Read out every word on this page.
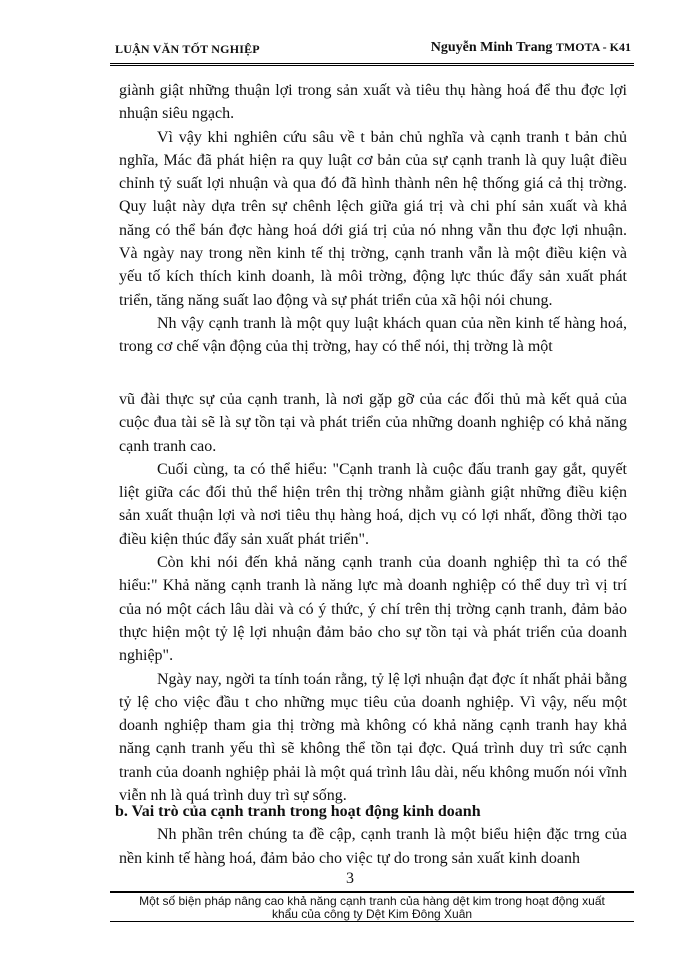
LUẬN VĂN TỐT NGHIỆP	Nguyễn Minh Trang TMOTA - K41

giành giật những thuận lợi trong sản xuất và tiêu thụ hàng hoá để thu đợc lợi nhuận siêu ngạch.

Vì vậy khi nghiên cứu sâu về t bản chủ nghĩa và cạnh tranh t bản chủ nghĩa, Mác đã phát hiện ra quy luật cơ bản của sự cạnh tranh là quy luật điều chỉnh tỷ suất lợi nhuận và qua đó đã hình thành nên hệ thống giá cả thị trờng. Quy luật này dựa trên sự chênh lệch giữa giá trị và chi phí sản xuất và khả năng có thể bán đợc hàng hoá dới giá trị của nó nhng vẫn thu đợc lợi nhuận. Và ngày nay trong nền kinh tế thị trờng, cạnh tranh vẫn là một điều kiện và yếu tố kích thích kinh doanh, là môi trờng, động lực thúc đẩy sản xuất phát triển, tăng năng suất lao động và sự phát triển của xã hội nói chung.

Nh vậy cạnh tranh là một quy luật khách quan của nền kinh tế hàng hoá, trong cơ chế vận động của thị trờng, hay có thể nói, thị trờng là một

vũ đài thực sự của cạnh tranh, là nơi gặp gỡ của các đối thủ mà kết quả của cuộc đua tài sẽ là sự tồn tại và phát triển của những doanh nghiệp có khả năng cạnh tranh cao.

Cuối cùng, ta có thể hiểu: "Cạnh tranh là cuộc đấu tranh gay gắt, quyết liệt giữa các đối thủ thể hiện trên thị trờng nhằm giành giật những điều kiện sản xuất thuận lợi và nơi tiêu thụ hàng hoá, dịch vụ có lợi nhất, đồng thời tạo điều kiện thúc đẩy sản xuất phát triển".

Còn khi nói đến khả năng cạnh tranh của doanh nghiệp thì ta có thể hiểu:" Khả năng cạnh tranh là năng lực mà doanh nghiệp có thể duy trì vị trí của nó một cách lâu dài và có ý thức, ý chí trên thị trờng cạnh tranh, đảm bảo thực hiện một tỷ lệ lợi nhuận đảm bảo cho sự tồn tại và phát triển của doanh nghiệp".

Ngày nay, ngời ta tính toán rằng, tỷ lệ lợi nhuận đạt đợc ít nhất phải bằng tỷ lệ cho việc đầu t cho những mục tiêu của doanh nghiệp. Vì vậy, nếu một doanh nghiệp tham gia thị trờng mà không có khả năng cạnh tranh hay khả năng cạnh tranh yếu thì sẽ không thể tồn tại đợc. Quá trình duy trì sức cạnh tranh của doanh nghiệp phải là một quá trình lâu dài, nếu không muốn nói vĩnh viễn nh là quá trình duy trì sự sống.

b. Vai trò của cạnh tranh trong hoạt động kinh doanh

Nh phần trên chúng ta đề cập, cạnh tranh là một biểu hiện đặc trng của nền kinh tế hàng hoá, đảm bảo cho việc tự do trong sản xuất kinh doanh

3
Một số biện pháp nâng cao khả năng cạnh tranh của hàng dệt kim trong hoạt động xuất
khẩu của công ty Dệt Kim Đông Xuân
